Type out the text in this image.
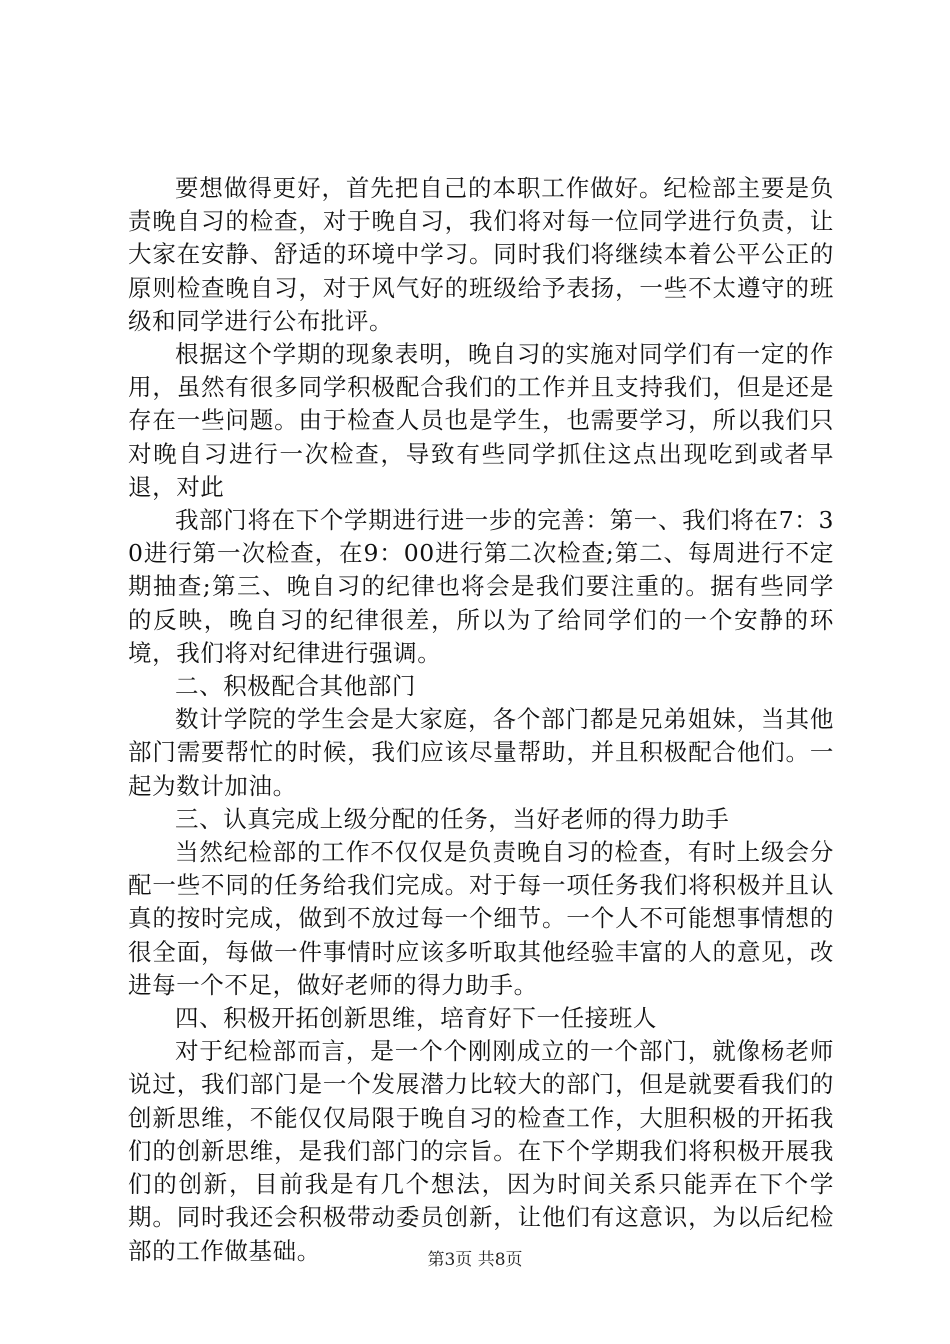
要想做得更好，首先把自己的本职工作做好。纪检部主要是负责晚自习的检查，对于晚自习，我们将对每一位同学进行负责，让大家在安静、舒适的环境中学习。同时我们将继续本着公平公正的原则检查晚自习，对于风气好的班级给予表扬，一些不太遵守的班级和同学进行公布批评。

根据这个学期的现象表明，晚自习的实施对同学们有一定的作用，虽然有很多同学积极配合我们的工作并且支持我们，但是还是存在一些问题。由于检查人员也是学生，也需要学习，所以我们只对晚自习进行一次检查，导致有些同学抓住这点出现吃到或者早退，对此

我部门将在下个学期进行进一步的完善：第一、我们将在7：30进行第一次检查，在9：00进行第二次检查;第二、每周进行不定期抽查;第三、晚自习的纪律也将会是我们要注重的。据有些同学的反映，晚自习的纪律很差，所以为了给同学们的一个安静的环境，我们将对纪律进行强调。

二、积极配合其他部门

数计学院的学生会是大家庭，各个部门都是兄弟姐妹，当其他部门需要帮忙的时候，我们应该尽量帮助，并且积极配合他们。一起为数计加油。

三、认真完成上级分配的任务，当好老师的得力助手

当然纪检部的工作不仅仅是负责晚自习的检查，有时上级会分配一些不同的任务给我们完成。对于每一项任务我们将积极并且认真的按时完成，做到不放过每一个细节。一个人不可能想事情想的很全面，每做一件事情时应该多听取其他经验丰富的人的意见，改进每一个不足，做好老师的得力助手。

四、积极开拓创新思维，培育好下一任接班人

对于纪检部而言，是一个个刚刚成立的一个部门，就像杨老师说过，我们部门是一个发展潜力比较大的部门，但是就要看我们的创新思维，不能仅仅局限于晚自习的检查工作，大胆积极的开拓我们的创新思维，是我们部门的宗旨。在下个学期我们将积极开展我们的创新，目前我是有几个想法，因为时间关系只能弄在下个学期。同时我还会积极带动委员创新，让他们有这意识，为以后纪检部的工作做基础。	第3页 共8页
